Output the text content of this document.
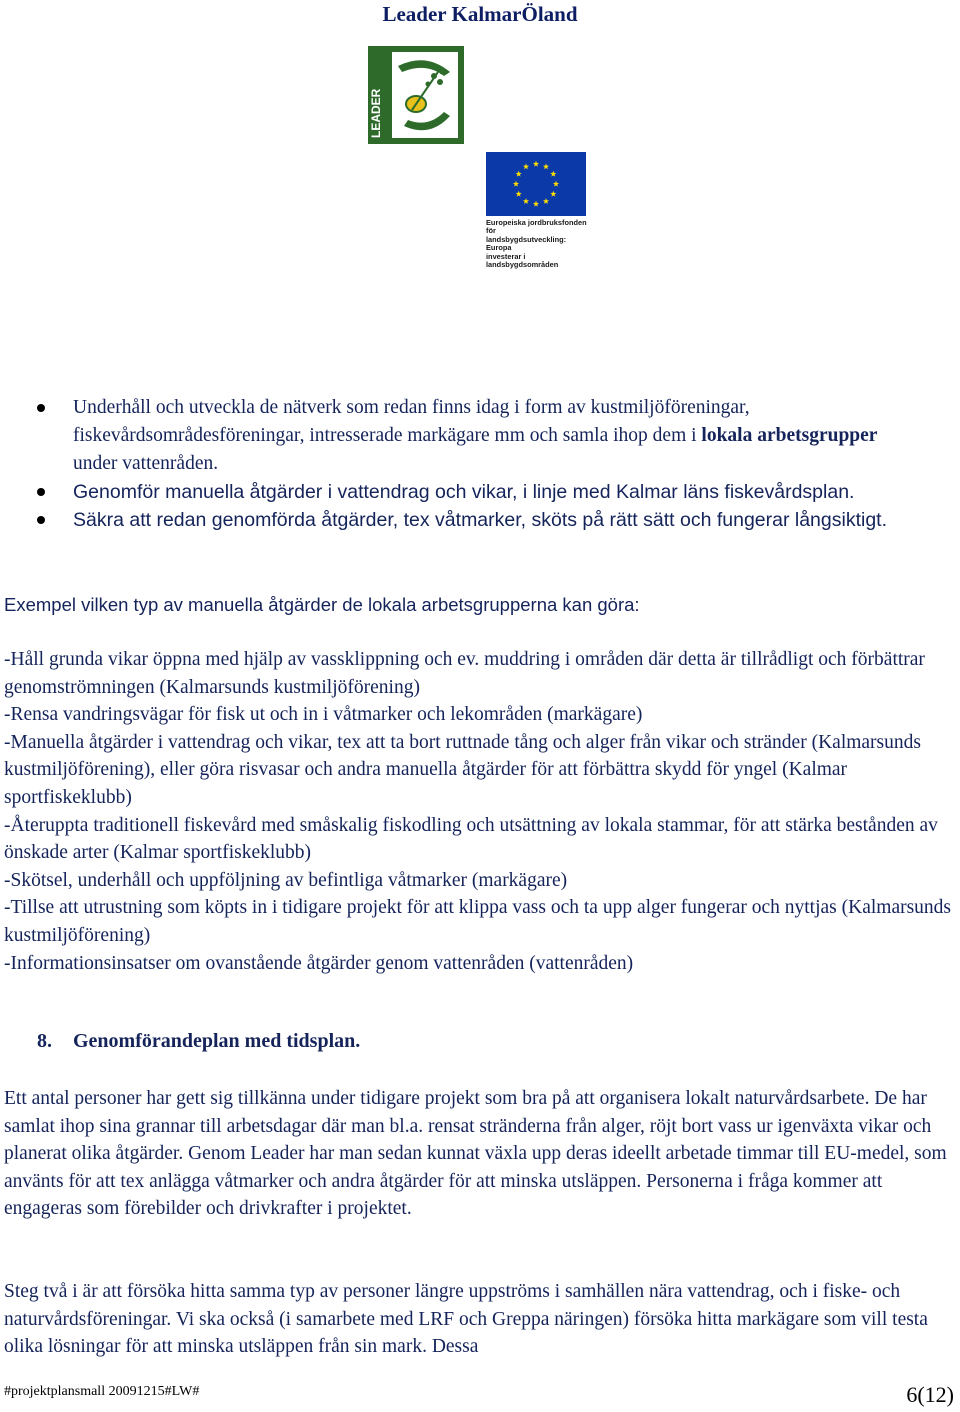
Leader KalmarÖland
LEADER
Europeiska jordbruksfonden för
landsbygdsutveckling: Europa
investerar i landsbygdsområden
Underhåll och utveckla de nätverk som redan finns idag i form av kustmiljöföreningar, fiskevårdsområdesföreningar, intresserade markägare mm och samla ihop dem i lokala arbetsgrupper under vattenråden.
Genomför manuella åtgärder i vattendrag och vikar, i linje med Kalmar läns fiskevårdsplan.
Säkra att redan genomförda åtgärder, tex våtmarker, sköts på rätt sätt och fungerar långsiktigt.

Exempel vilken typ av manuella åtgärder de lokala arbetsgrupperna kan göra:

-Håll grunda vikar öppna med hjälp av vassklippning och ev. muddring i områden där detta är tillrådligt och förbättrar genomströmningen (Kalmarsunds kustmiljöförening)
-Rensa vandringsvägar för fisk ut och in i våtmarker och lekområden (markägare)
-Manuella åtgärder i vattendrag och vikar, tex att ta bort ruttnade tång och alger från vikar och stränder (Kalmarsunds kustmiljöförening), eller göra risvasar och andra manuella åtgärder för att förbättra skydd för yngel (Kalmar sportfiskeklubb)
-Återuppta traditionell fiskevård med småskalig fiskodling och utsättning av lokala stammar, för att stärka bestånden av önskade arter (Kalmar sportfiskeklubb)
-Skötsel, underhåll och uppföljning av befintliga våtmarker (markägare)
-Tillse att utrustning som köpts in i tidigare projekt för att klippa vass och ta upp alger fungerar och nyttjas (Kalmarsunds kustmiljöförening)
-Informationsinsatser om ovanstående åtgärder genom vattenråden (vattenråden)
8. Genomförandeplan med tidsplan.

Ett antal personer har gett sig tillkänna under tidigare projekt som bra på att organisera lokalt naturvårdsarbete. De har samlat ihop sina grannar till arbetsdagar där man bl.a. rensat stränderna från alger, röjt bort vass ur igenväxta vikar och planerat olika åtgärder. Genom Leader har man sedan kunnat växla upp deras ideellt arbetade timmar till EU-medel, som använts för att tex anlägga våtmarker och andra åtgärder för att minska utsläppen. Personerna i fråga kommer att engageras som förebilder och drivkrafter i projektet.

Steg två i är att försöka hitta samma typ av personer längre uppströms i samhällen nära vattendrag, och i fiske- och naturvårdsföreningar. Vi ska också (i samarbete med LRF och Greppa näringen) försöka hitta markägare som vill testa olika lösningar för att minska utsläppen från sin mark. Dessa

#projektplansmall 20091215#LW#	6(12)
